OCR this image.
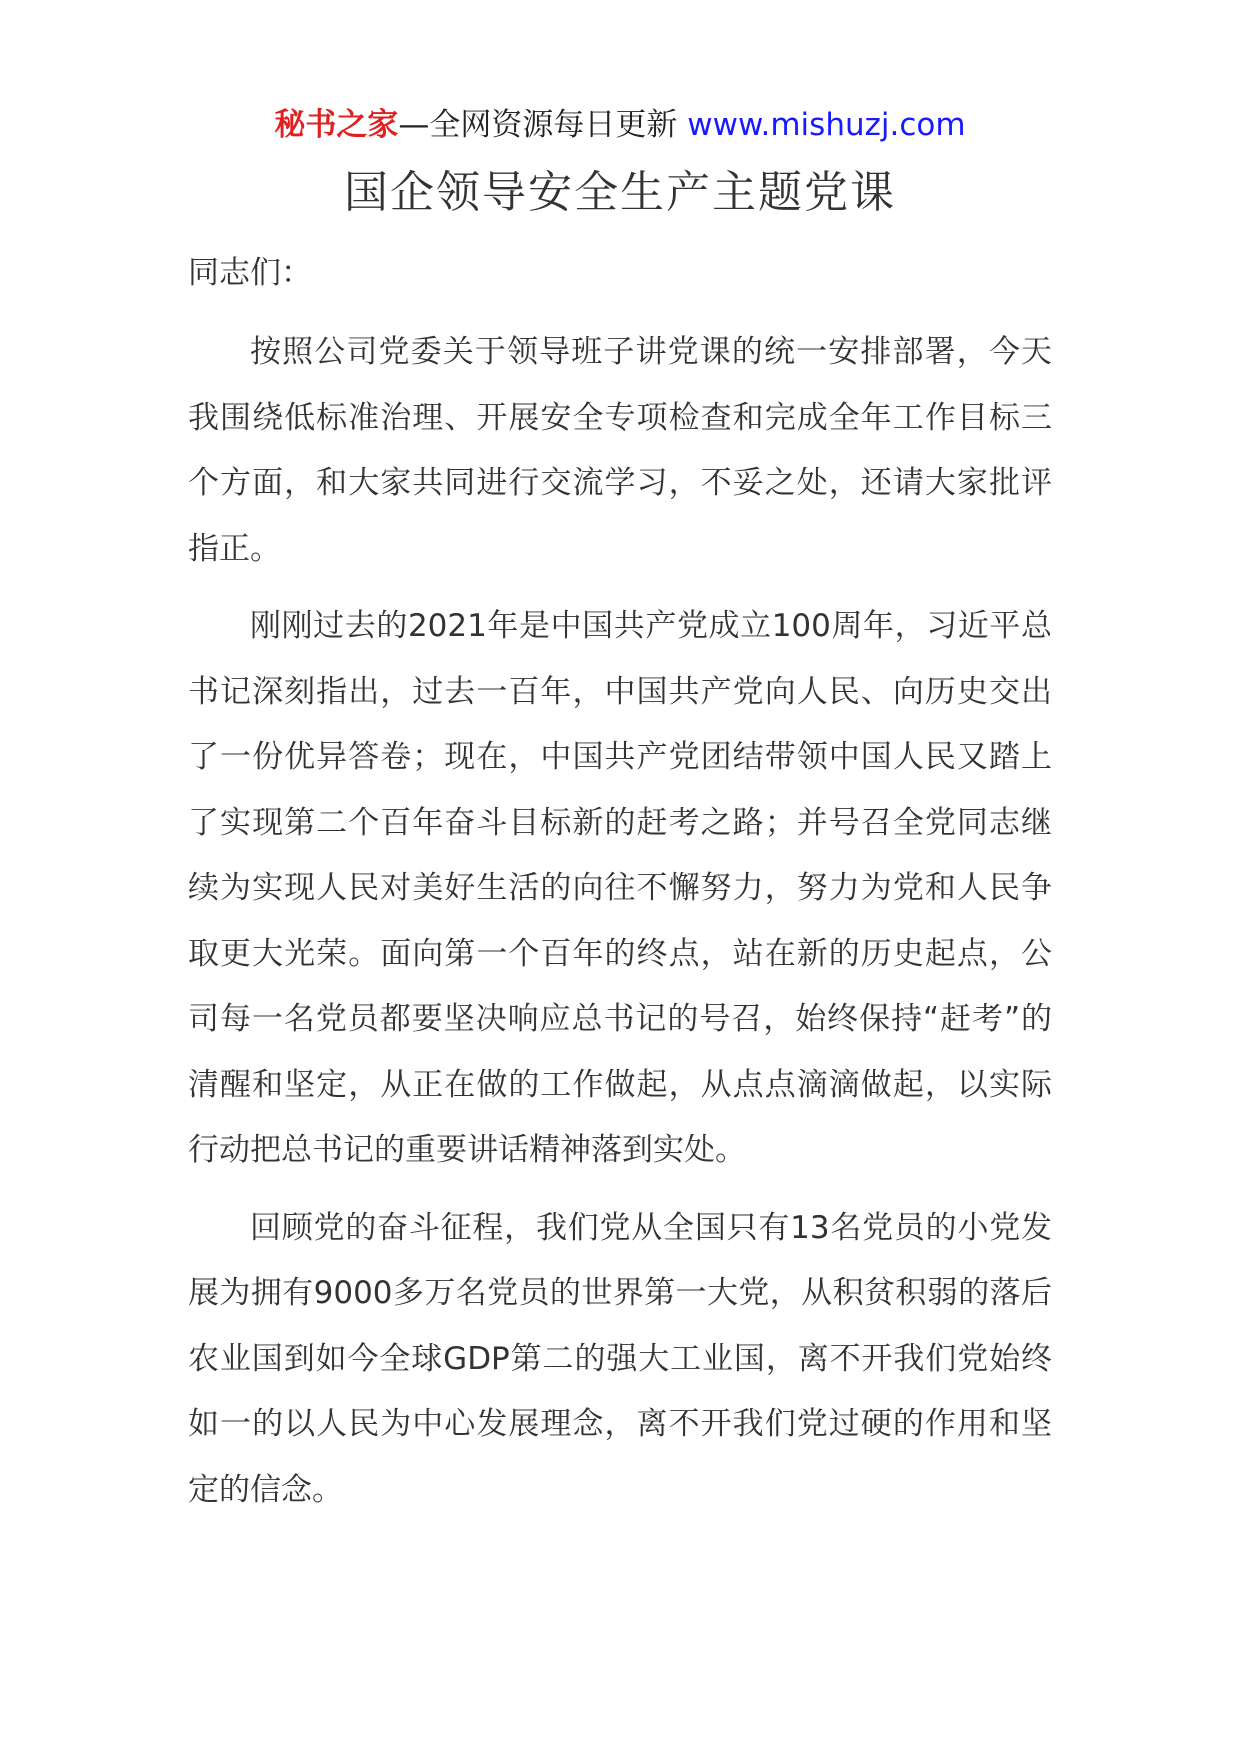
秘书之家—全网资源每日更新 www.mishuzj.com
国企领导安全生产主题党课

同志们：

按照公司党委关于领导班子讲党课的统一安排部署，今天我围绕低标准治理、开展安全专项检查和完成全年工作目标三个方面，和大家共同进行交流学习，不妥之处，还请大家批评指正。

刚刚过去的2021年是中国共产党成立100周年，习近平总书记深刻指出，过去一百年，中国共产党向人民、向历史交出了一份优异答卷；现在，中国共产党团结带领中国人民又踏上了实现第二个百年奋斗目标新的赶考之路；并号召全党同志继续为实现人民对美好生活的向往不懈努力，努力为党和人民争取更大光荣。面向第一个百年的终点，站在新的历史起点，公司每一名党员都要坚决响应总书记的号召，始终保持“赶考”的清醒和坚定，从正在做的工作做起，从点点滴滴做起，以实际行动把总书记的重要讲话精神落到实处。

回顾党的奋斗征程，我们党从全国只有13名党员的小党发展为拥有9000多万名党员的世界第一大党，从积贫积弱的落后农业国到如今全球GDP第二的强大工业国，离不开我们党始终如一的以人民为中心发展理念，离不开我们党过硬的作用和坚定的信念。
